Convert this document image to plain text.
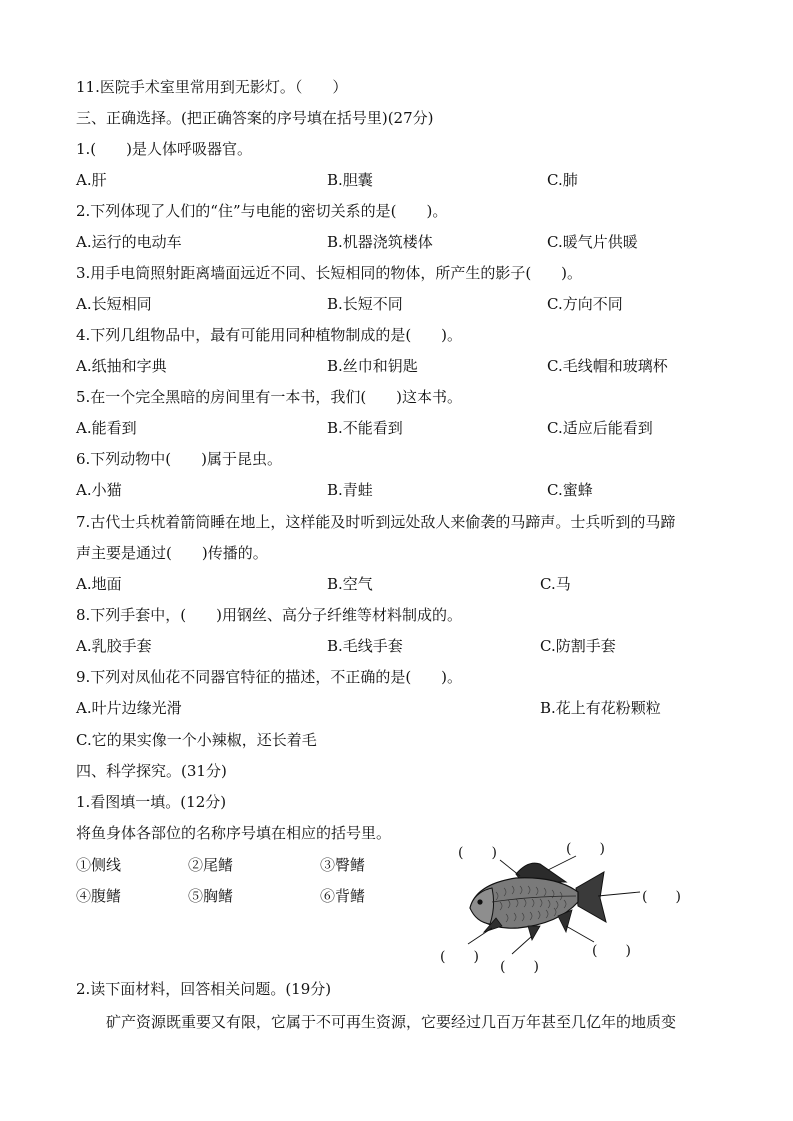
11.医院手术室里常用到无影灯。（　　）
三、正确选择。(把正确答案的序号填在括号里)(27分)
1.(　　)是人体呼吸器官。
A.肝	B.胆囊	C.肺
2.下列体现了人们的“住”与电能的密切关系的是(　　)。
A.运行的电动车	B.机器浇筑楼体	C.暖气片供暖
3.用手电筒照射距离墙面远近不同、长短相同的物体，所产生的影子(　　)。
A.长短相同	B.长短不同	C.方向不同
4.下列几组物品中，最有可能用同种植物制成的是(　　)。
A.纸抽和字典	B.丝巾和钥匙	C.毛线帽和玻璃杯
5.在一个完全黑暗的房间里有一本书，我们(　　)这本书。
A.能看到	B.不能看到	C.适应后能看到
6.下列动物中(　　)属于昆虫。
A.小猫	B.青蛙	C.蜜蜂
7.古代士兵枕着箭筒睡在地上，这样能及时听到远处敌人来偷袭的马蹄声。士兵听到的马蹄
声主要是通过(　　)传播的。
A.地面	B.空气	C.马
8.下列手套中，(　　)用钢丝、高分子纤维等材料制成的。
A.乳胶手套	B.毛线手套	C.防割手套
9.下列对凤仙花不同器官特征的描述，不正确的是(　　)。
A.叶片边缘光滑	B.花上有花粉颗粒
C.它的果实像一个小辣椒，还长着毛
四、科学探究。(31分)
1.看图填一填。(12分)
将鱼身体各部位的名称序号填在相应的括号里。
①侧线	②尾鳍	③臀鳍
④腹鳍	⑤胸鳍	⑥背鳍
(　　)	(　　)
(　　)
(　　)
(　　)
(　　)
2.读下面材料，回答相关问题。(19分)
矿产资源既重要又有限，它属于不可再生资源，它要经过几百万年甚至几亿年的地质变
